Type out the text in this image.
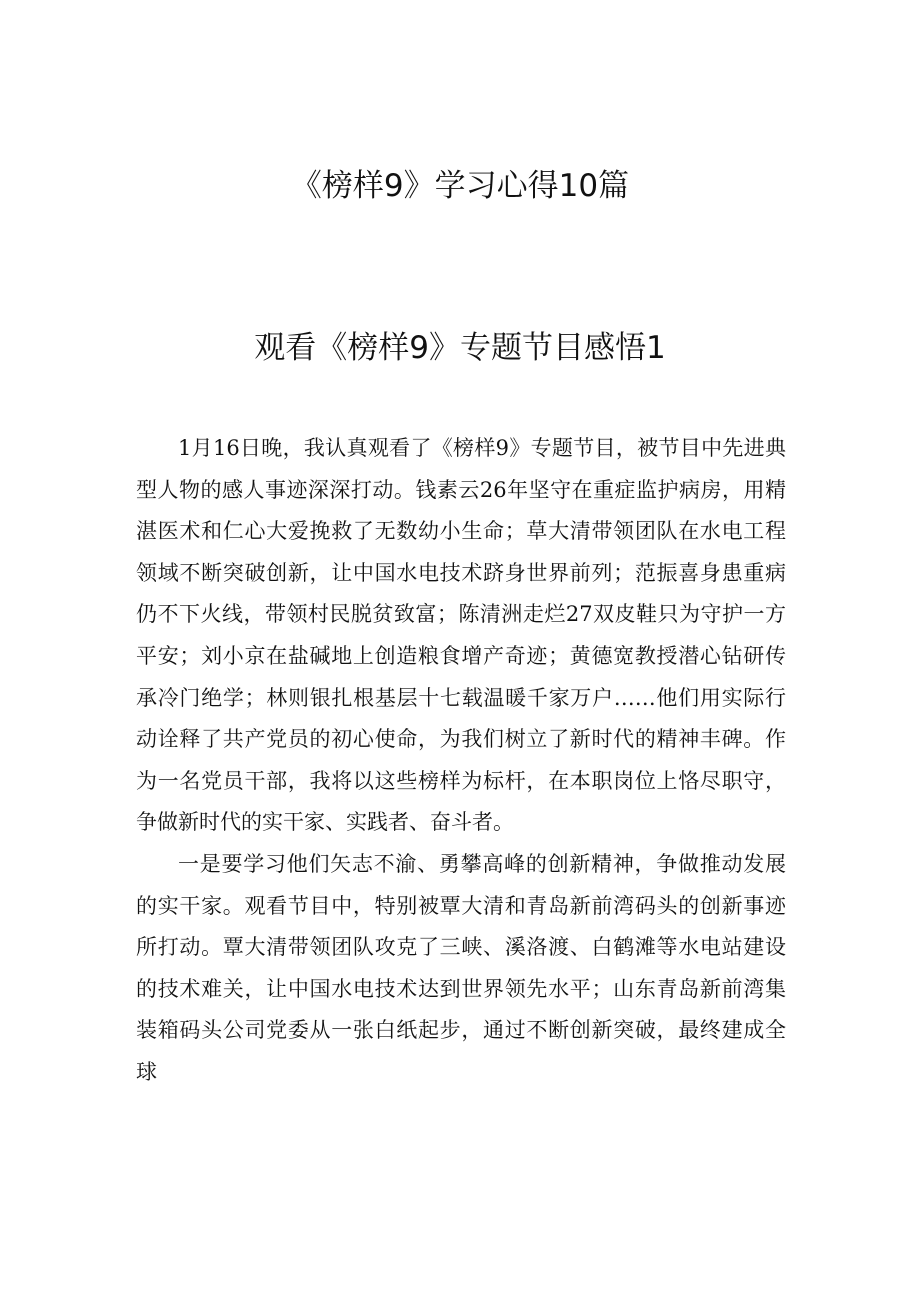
《榜样9》学习心得10篇
观看《榜样9》专题节目感悟1

1月16日晚，我认真观看了《榜样9》专题节目，被节目中先进典型人物的感人事迹深深打动。钱素云26年坚守在重症监护病房，用精湛医术和仁心大爱挽救了无数幼小生命；草大清带领团队在水电工程领域不断突破创新，让中国水电技术跻身世界前列；范振喜身患重病仍不下火线，带领村民脱贫致富；陈清洲走烂27双皮鞋只为守护一方平安；刘小京在盐碱地上创造粮食增产奇迹；黄德宽教授潜心钻研传承冷门绝学；林则银扎根基层十七载温暖千家万户……他们用实际行动诠释了共产党员的初心使命，为我们树立了新时代的精神丰碑。作为一名党员干部，我将以这些榜样为标杆，在本职岗位上恪尽职守，争做新时代的实干家、实践者、奋斗者。

一是要学习他们矢志不渝、勇攀高峰的创新精神，争做推动发展的实干家。观看节目中，特别被覃大清和青岛新前湾码头的创新事迹所打动。覃大清带领团队攻克了三峡、溪洛渡、白鹤滩等水电站建设的技术难关，让中国水电技术达到世界领先水平；山东青岛新前湾集装箱码头公司党委从一张白纸起步，通过不断创新突破，最终建成全球
